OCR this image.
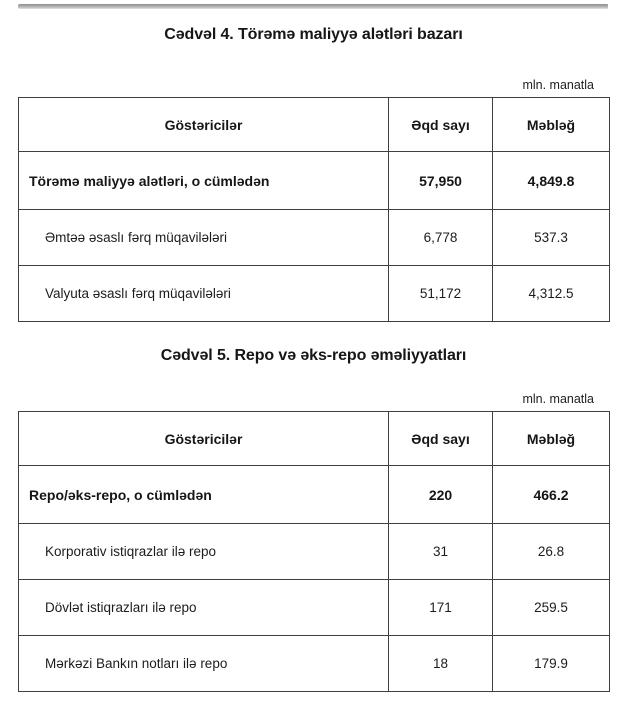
Cədvəl 4. Törəmə maliyyə alətləri bazarı
mln. manatla
Göstəricilər	Əqd sayı	Məbləğ
Törəmə maliyyə alətləri, o cümlədən	57,950	4,849.8
Əmtəə əsaslı fərq müqavilələri	6,778	537.3
Valyuta əsaslı fərq müqavilələri	51,172	4,312.5
Cədvəl 5. Repo və əks-repo əməliyyatları
mln. manatla
Göstəricilər	Əqd sayı	Məbləğ
Repo/əks-repo, o cümlədən	220	466.2
Korporativ istiqrazlar ilə repo	31	26.8
Dövlət istiqrazları ilə repo	171	259.5
Mərkəzi Bankın notları ilə repo	18	179.9
